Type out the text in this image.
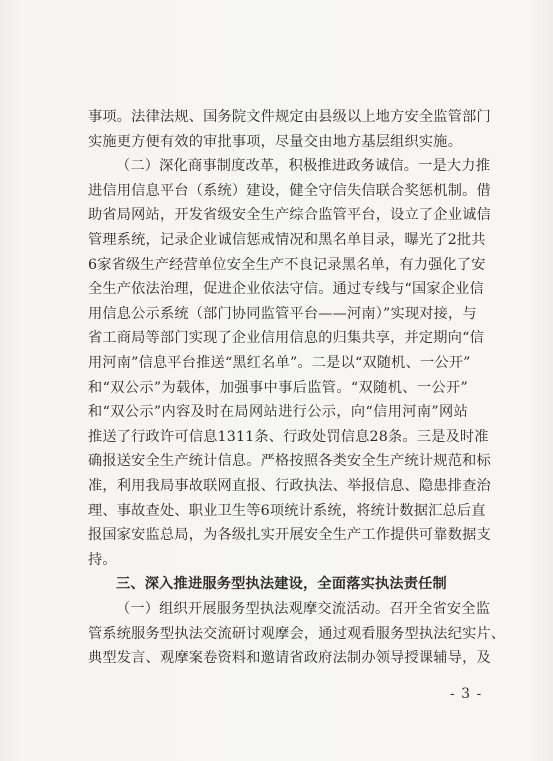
事项。法律法规、国务院文件规定由县级以上地方安全监管部门
实施更方便有效的审批事项，尽量交由地方基层组织实施。
（二）深化商事制度改革，积极推进政务诚信。一是大力推
进信用信息平台（系统）建设，健全守信失信联合奖惩机制。借
助省局网站，开发省级安全生产综合监管平台，设立了企业诚信
管理系统，记录企业诚信惩戒情况和黑名单目录，曝光了2批共
6家省级生产经营单位安全生产不良记录黑名单，有力强化了安
全生产依法治理，促进企业依法守信。通过专线与“国家企业信
用信息公示系统（部门协同监管平台——河南）”实现对接，与
省工商局等部门实现了企业信用信息的归集共享，并定期向“信
用河南”信息平台推送“黑红名单”。二是以“双随机、一公开”
和“双公示”为载体，加强事中事后监管。“双随机、一公开”
和“双公示”内容及时在局网站进行公示，向“信用河南”网站
推送了行政许可信息1311条、行政处罚信息28条。三是及时准
确报送安全生产统计信息。严格按照各类安全生产统计规范和标
准，利用我局事故联网直报、行政执法、举报信息、隐患排查治
理、事故查处、职业卫生等6项统计系统，将统计数据汇总后直
报国家安监总局，为各级扎实开展安全生产工作提供可靠数据支
持。
三、深入推进服务型执法建设，全面落实执法责任制
（一）组织开展服务型执法观摩交流活动。召开全省安全监
管系统服务型执法交流研讨观摩会，通过观看服务型执法纪实片、
典型发言、观摩案卷资料和邀请省政府法制办领导授课辅导，及
- 3 -
